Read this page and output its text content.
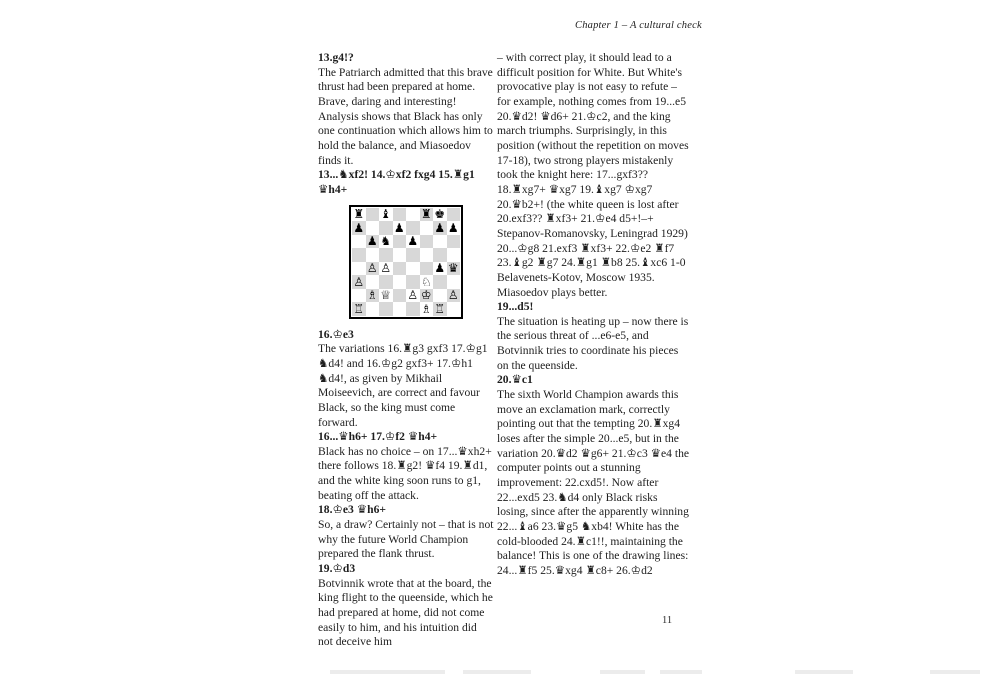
Chapter 1 – A cultural check

13.g4!?

The Patriarch admitted that this brave thrust had been prepared at home. Brave, daring and interesting! Analysis shows that Black has only one continuation which allows him to hold the balance, and Miasoedov finds it.

13...♞xf2! 14.♔xf2 fxg4 15.♜g1 ♛h4+

♜ ♝ ♜ ♚
♟ ♟ ♟ ♟
♟ ♞ ♟
♙ ♙	♟ ♛
♙	♘
♗ ♕ ♙ ♔ ♙
♖	♗ ♖

16.♔e3

The variations 16.♜g3 gxf3 17.♔g1 ♞d4! and 16.♔g2 gxf3+ 17.♔h1 ♞d4!, as given by Mikhail Moiseevich, are correct and favour Black, so the king must come forward.

16...♛h6+ 17.♔f2 ♛h4+

Black has no choice – on 17...♛xh2+ there follows 18.♜g2! ♛f4 19.♜d1, and the white king soon runs to g1, beating off the attack.

18.♔e3 ♛h6+

So, a draw? Certainly not – that is not why the future World Champion prepared the flank thrust.

19.♔d3

Botvinnik wrote that at the board, the king flight to the queenside, which he had prepared at home, did not come easily to him, and his intuition did not deceive him

– with correct play, it should lead to a difficult position for White. But White's provocative play is not easy to refute – for example, nothing comes from 19...e5 20.♛d2! ♛d6+ 21.♔c2, and the king march triumphs. Surprisingly, in this position (without the repetition on moves 17-18), two strong players mistakenly took the knight here: 17...gxf3?? 18.♜xg7+ ♛xg7 19.♝xg7 ♔xg7 20.♛b2+! (the white queen is lost after 20.exf3?? ♜xf3+ 21.♔e4 d5+!–+ Stepanov-Romanovsky, Leningrad 1929) 20...♔g8 21.exf3 ♜xf3+ 22.♔e2 ♜f7 23.♝g2 ♜g7 24.♜g1 ♜b8 25.♝xc6 1-0 Belavenets-Kotov, Moscow 1935. Miasoedov plays better.

19...d5!

The situation is heating up – now there is the serious threat of ...e6-e5, and Botvinnik tries to coordinate his pieces on the queenside.

20.♛c1

The sixth World Champion awards this move an exclamation mark, correctly pointing out that the tempting 20.♜xg4 loses after the simple 20...e5, but in the variation 20.♛d2 ♛g6+ 21.♔c3 ♛e4 the computer points out a stunning improvement: 22.cxd5!. Now after 22...exd5 23.♞d4 only Black risks losing, since after the apparently winning 22...♝a6 23.♛g5 ♞xb4! White has the cold-blooded 24.♜c1!!, maintaining the balance! This is one of the drawing lines: 24...♜f5 25.♛xg4 ♜c8+ 26.♔d2

11
